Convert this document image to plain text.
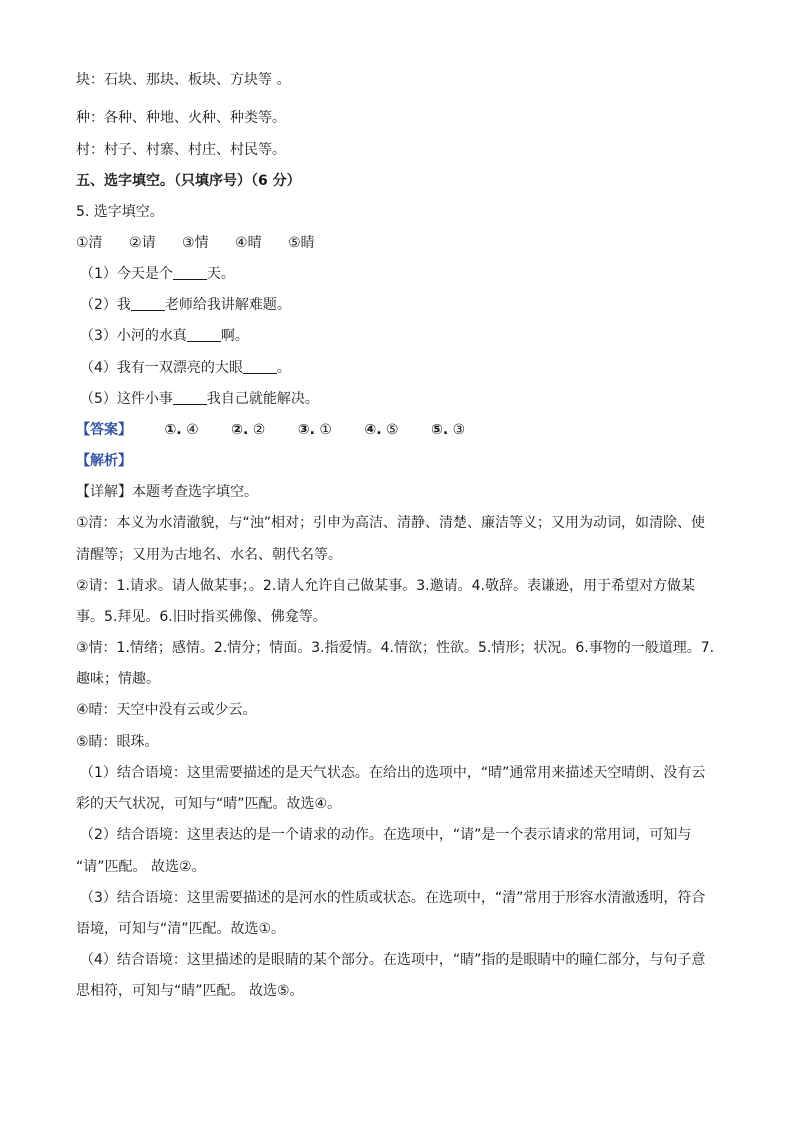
块：石块、那块、板块、方块等 。
种：各种、种地、火种、种类等。
村：村子、村寨、村庄、村民等。
五、选字填空。（只填序号）（6 分）
5. 选字填空。
①清 ②请 ③情 ④晴 ⑤睛
（1）今天是个 天。
（2）我 老师给我讲解难题。
（3）小河的水真 啊。
（4）我有一双漂亮的大眼 。
（5）这件小事 我自己就能解决。
【答案】 ①. ④ ②. ② ③. ① ④. ⑤ ⑤. ③
【解析】
【详解】本题考查选字填空。
①清：本义为水清澈貌，与“浊”相对；引申为高洁、清静、清楚、廉洁等义；又用为动词，如清除、使
清醒等；又用为古地名、水名、朝代名等。
②请：1.请求。请人做某事；。2.请人允许自己做某事。3.邀请。4.敬辞。表谦逊，用于希望对方做某
事。5.拜见。6.旧时指买佛像、佛龛等。
③情：1.情绪；感情。2.情分；情面。3.指爱情。4.情欲；性欲。5.情形；状况。6.事物的一般道理。7.
趣味；情趣。
④晴：天空中没有云或少云。
⑤睛：眼珠。
（1）结合语境：这里需要描述的是天气状态。在给出的选项中，“晴”通常用来描述天空晴朗、没有云
彩的天气状况，可知与“晴”匹配。故选④。
（2）结合语境：这里表达的是一个请求的动作。在选项中，“请”是一个表示请求的常用词，可知与
“请”匹配。 故选②。
（3）结合语境：这里需要描述的是河水的性质或状态。在选项中，“清”常用于形容水清澈透明，符合
语境，可知与“清”匹配。故选①。
（4）结合语境：这里描述的是眼睛的某个部分。在选项中，“睛”指的是眼睛中的瞳仁部分，与句子意
思相符，可知与“睛”匹配。 故选⑤。
